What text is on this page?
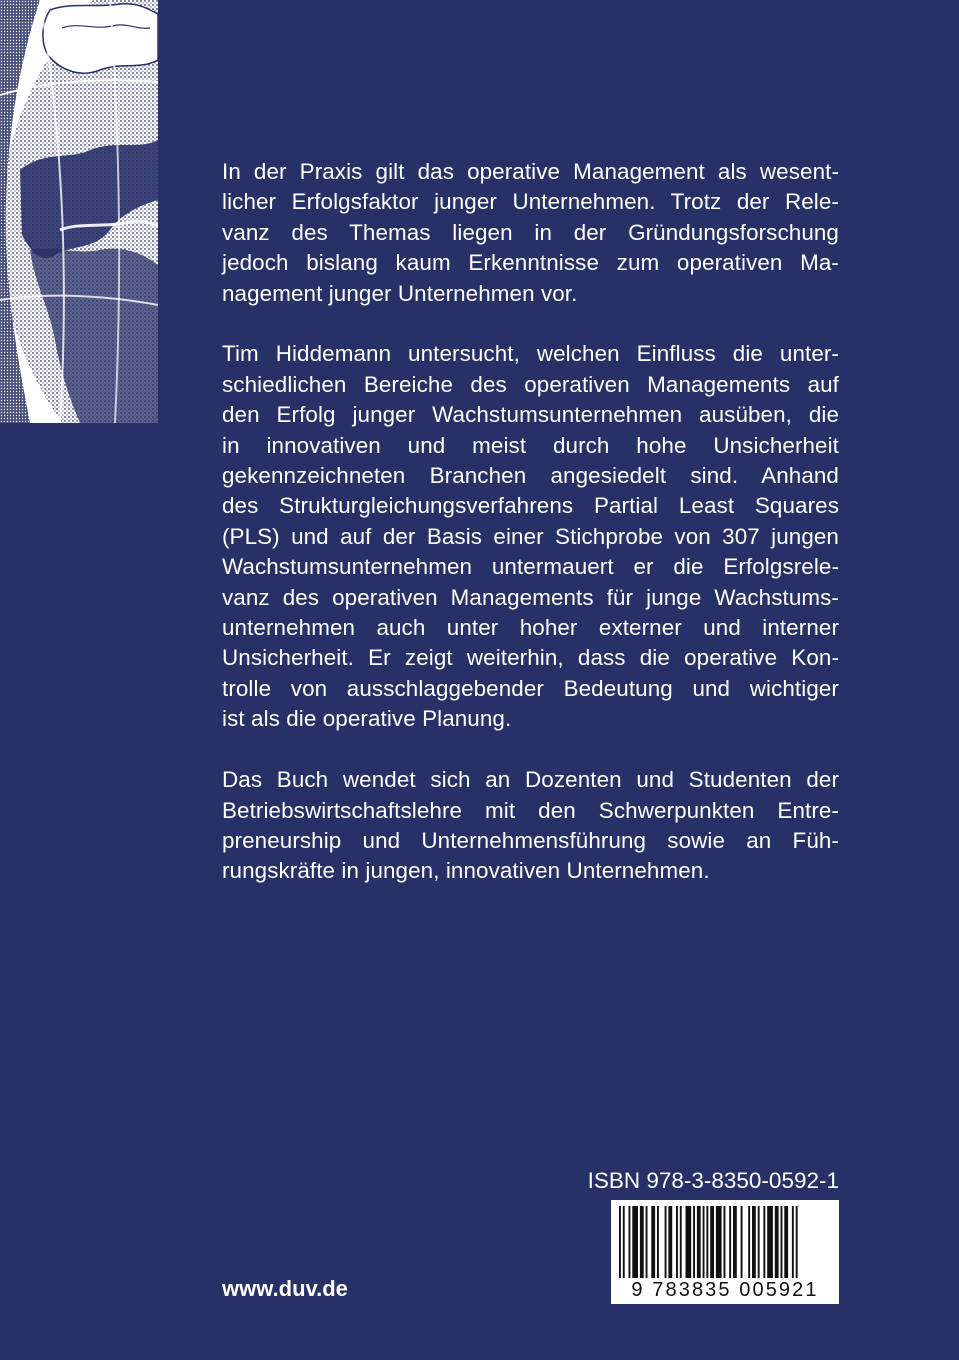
In der Praxis gilt das operative Management als wesent-
licher Erfolgsfaktor junger Unternehmen. Trotz der Rele-
vanz des Themas liegen in der Gründungsforschung
jedoch bislang kaum Erkenntnisse zum operativen Ma-
nagement junger Unternehmen vor.

Tim Hiddemann untersucht, welchen Einfluss die unter-
schiedlichen Bereiche des operativen Managements auf
den Erfolg junger Wachstumsunternehmen ausüben, die
in innovativen und meist durch hohe Unsicherheit
gekennzeichneten Branchen angesiedelt sind. Anhand
des Strukturgleichungsverfahrens Partial Least Squares
(PLS) und auf der Basis einer Stichprobe von 307 jungen
Wachstumsunternehmen untermauert er die Erfolgsrele-
vanz des operativen Managements für junge Wachstums-
unternehmen auch unter hoher externer und interner
Unsicherheit. Er zeigt weiterhin, dass die operative Kon-
trolle von ausschlaggebender Bedeutung und wichtiger
ist als die operative Planung.

Das Buch wendet sich an Dozenten und Studenten der
Betriebswirtschaftslehre mit den Schwerpunkten Entre-
preneurship und Unternehmensführung sowie an Füh-
rungskräfte in jungen, innovativen Unternehmen.

ISBN 978-3-8350-0592-1
9 783835 005921
www.duv.de
